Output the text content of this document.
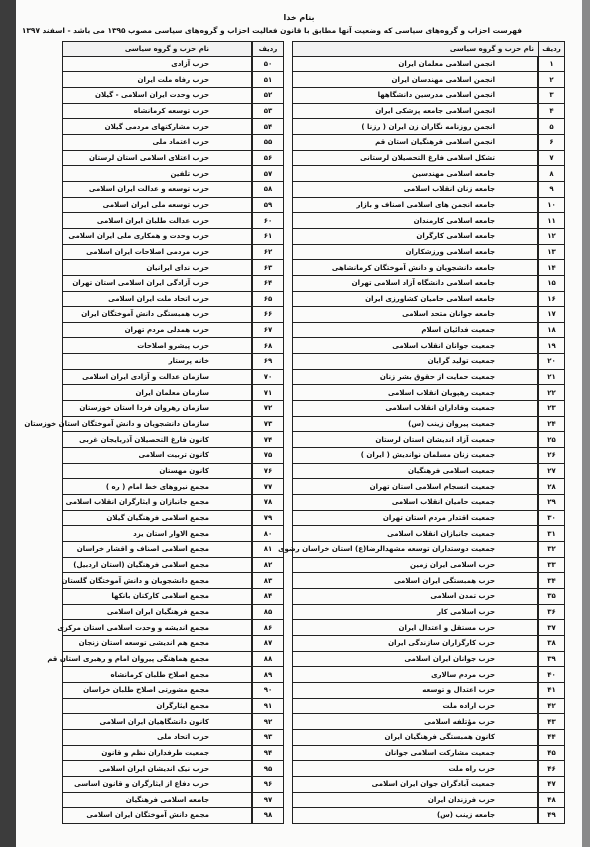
بنام خدا
فهرست احزاب و گروه‌های سیاسی که وضعیت آنها مطابق با قانون فعالیت احزاب و گروه‌های سیاسی مصوب ۱۳۹۵ می باشد - اسفند ۱۳۹۷
ردیف
نام حزب و گروه سیاسی
۱
انجمن اسلامی معلمان ایران
۲
انجمن اسلامی مهندسان ایران
۳
انجمن اسلامی مدرسین دانشگاهها
۴
انجمن اسلامی جامعه پزشکی ایران
۵
انجمن روزنامه نگاران زن ایران ( رزنا )
۶
انجمن اسلامی فرهنگیان استان قم
۷
تشکل اسلامی فارغ التحصیلان لرستانی
۸
جامعه اسلامی مهندسین
۹
جامعه زنان انقلاب اسلامی
۱۰
جامعه انجمن های اسلامی اصناف و بازار
۱۱
جامعه اسلامی کارمندان
۱۲
جامعه اسلامی کارگران
۱۳
جامعه اسلامی ورزشکاران
۱۴
جامعه دانشجویان و دانش آموختگان کرمانشاهی
۱۵
جامعه اسلامی دانشگاه آزاد اسلامی تهران
۱۶
جامعه اسلامی حامیان کشاورزی ایران
۱۷
جامعه جوانان متحد اسلامی
۱۸
جمعیت فدائیان اسلام
۱۹
جمعیت جوانان انقلاب اسلامی
۲۰
جمعیت تولید گرایان
۲۱
جمعیت حمایت از حقوق بشر زنان
۲۲
جمعیت رهپویان انقلاب اسلامی
۲۳
جمعیت وفاداران انقلاب اسلامی
۲۴
جمعیت پیروان زینب (س)
۲۵
جمعیت آزاد اندیشان استان لرستان
۲۶
جمعیت زنان مسلمان نواندیش ( ایران )
۲۷
جمعیت اسلامی فرهنگیان
۲۸
جمعیت انسجام اسلامی استان تهران
۲۹
جمعیت حامیان انقلاب اسلامی
۳۰
جمعیت اقتدار مردم استان تهران
۳۱
جمعیت جانبازان انقلاب اسلامی
۳۲
جمعیت دوستداران توسعه مشهدالرضا(ع) استان خراسان رضوی
۳۳
حزب اسلامی ایران زمین
۳۴
حزب همبستگی ایران اسلامی
۳۵
حزب تمدن اسلامی
۳۶
حزب اسلامی کار
۳۷
حزب مستقل و اعتدال ایران
۳۸
حزب کارگزاران سازندگی ایران
۳۹
حزب جوانان ایران اسلامی
۴۰
حزب مردم سالاری
۴۱
حزب اعتدال و توسعه
۴۲
حزب اراده ملت
۴۳
حزب مؤتلفه اسلامی
۴۴
کانون همبستگی فرهنگیان ایران
۴۵
جمعیت مشارکت اسلامی جوانان
۴۶
حزب راه ملت
۴۷
جمعیت آبادگران جوان ایران اسلامی
۴۸
حزب فرزندان ایران
۴۹
جامعه زینب (س)
ردیف
نام حزب و گروه سیاسی
۵۰
حزب آزادی
۵۱
حزب رفاه ملت ایران
۵۲
حزب وحدت ایران اسلامی - گیلان
۵۳
حزب توسعه کرمانشاه
۵۴
حزب مشارکتهای مردمی گیلان
۵۵
حزب اعتماد ملی
۵۶
حزب اعتلای اسلامی استان لرستان
۵۷
حزب تلفین
۵۸
حزب توسعه و عدالت ایران اسلامی
۵۹
حزب توسعه ملی ایران اسلامی
۶۰
حزب عدالت طلبان ایران اسلامی
۶۱
حزب وحدت و همکاری ملی ایران اسلامی
۶۲
حزب مردمی اصلاحات ایران اسلامی
۶۳
حزب ندای ایرانیان
۶۴
حزب آزادگی ایران اسلامی استان تهران
۶۵
حزب اتحاد ملت ایران اسلامی
۶۶
حزب همبستگی دانش آموختگان ایران
۶۷
حزب همدلی مردم تهران
۶۸
حزب پیشرو اصلاحات
۶۹
خانه پرستار
۷۰
سازمان عدالت و آزادی ایران اسلامی
۷۱
سازمان معلمان ایران
۷۲
سازمان رهروان فردا استان خوزستان
۷۳
سازمان دانشجویان و دانش آموختگان استان خوزستان
۷۴
کانون فارغ التحصیلان آذربایجان غربی
۷۵
کانون تربیت اسلامی
۷۶
کانون مهستان
۷۷
مجمع نیروهای خط امام ( ره )
۷۸
مجمع جانبازان و ایثارگران انقلاب اسلامی
۷۹
مجمع اسلامی فرهنگیان گیلان
۸۰
مجمع الاوار استان یزد
۸۱
مجمع اسلامی اصناف و اقشار خراسان
۸۲
مجمع اسلامی فرهنگیان (استان اردبیل)
۸۳
مجمع دانشجویان و دانش آموختگان گلستان
۸۴
مجمع اسلامی کارکنان بانکها
۸۵
مجمع فرهنگیان ایران اسلامی
۸۶
مجمع اندیشه و وحدت اسلامی استان مرکزی
۸۷
مجمع هم اندیشی توسعه استان زنجان
۸۸
مجمع هماهنگی پیروان امام و رهبری استان قم
۸۹
مجمع اصلاح طلبان کرمانشاه
۹۰
مجمع مشورتی اصلاح طلبان خراسان
۹۱
مجمع ایثارگران
۹۲
کانون دانشگاهیان ایران اسلامی
۹۳
حزب اتحاد ملی
۹۴
جمعیت طرفداران نظم و قانون
۹۵
حزب نیک اندیشان ایران اسلامی
۹۶
حزب دفاع از ایثارگران و قانون اساسی
۹۷
جامعه اسلامی فرهنگیان
۹۸
مجمع دانش آموختگان ایران اسلامی
